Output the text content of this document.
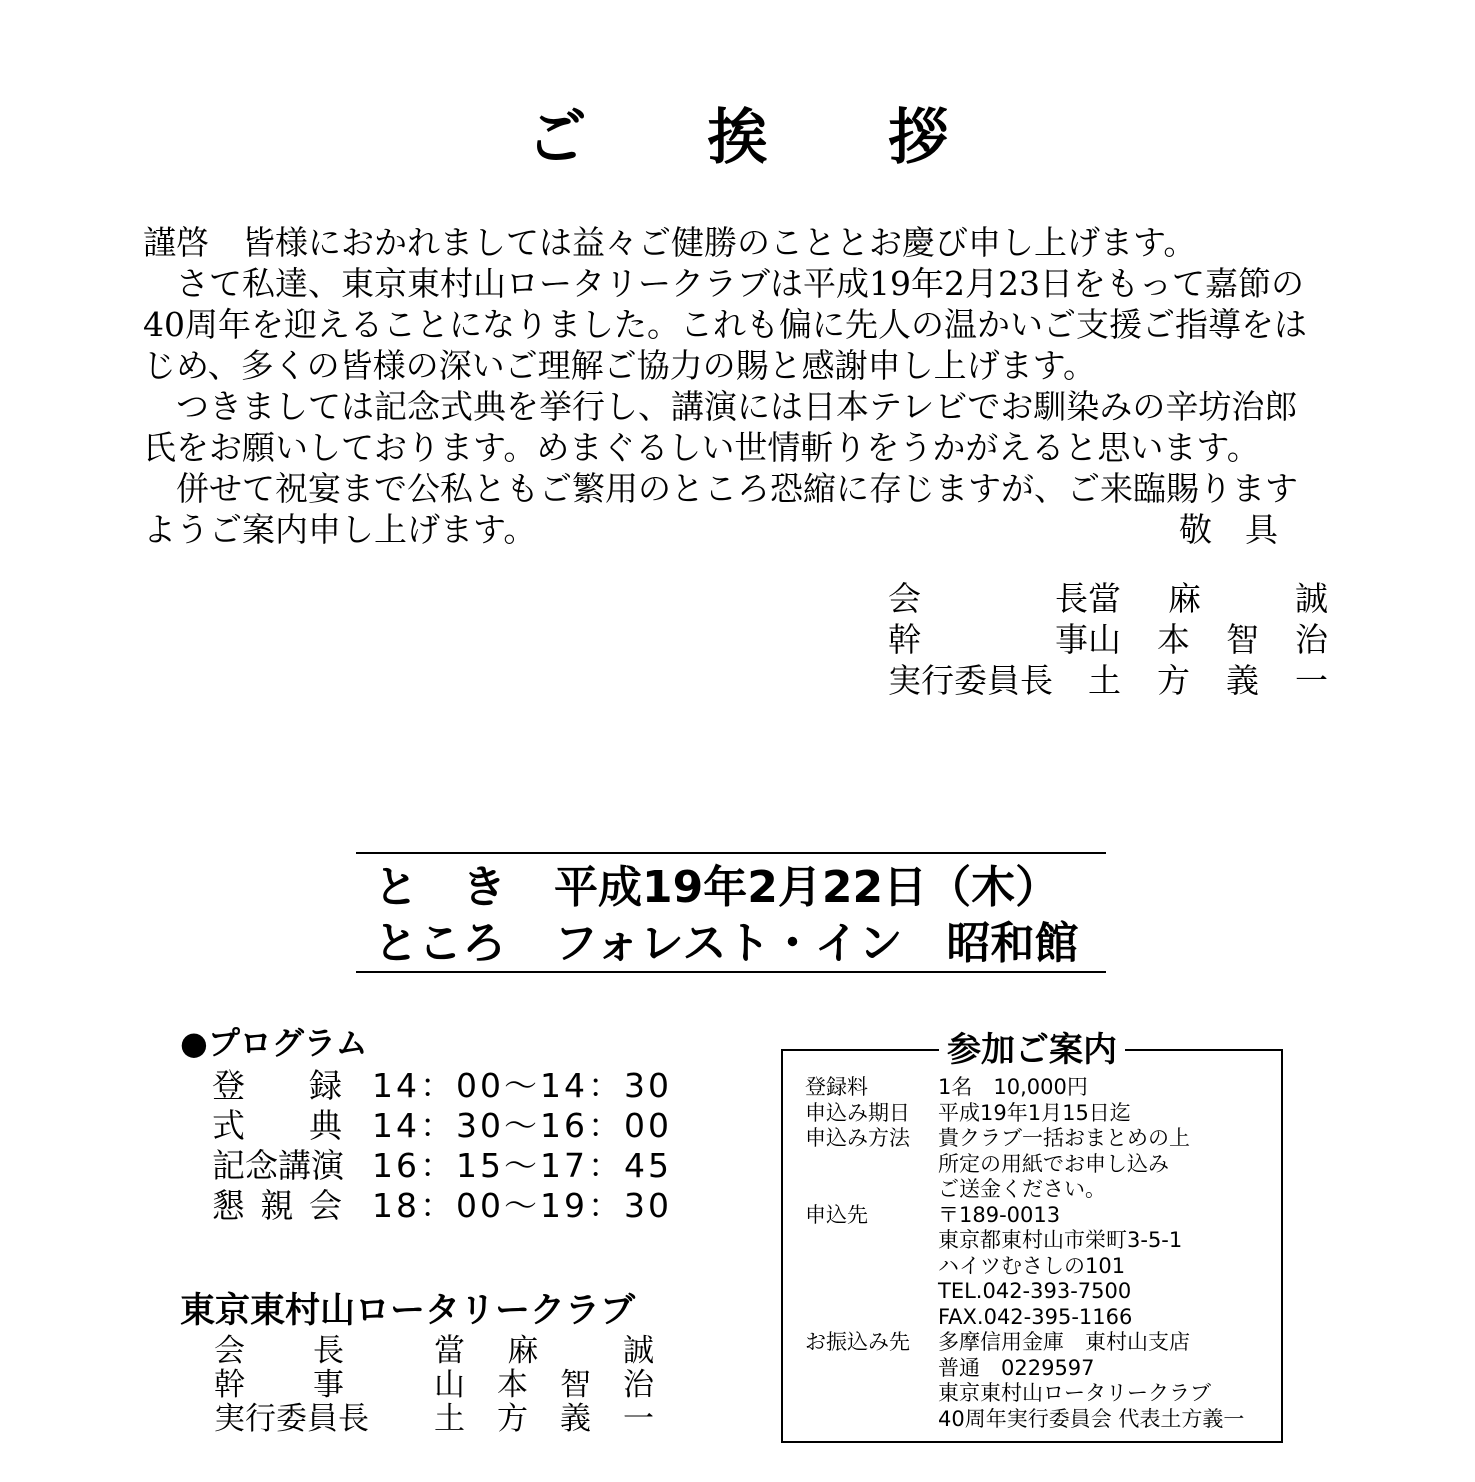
ご 挨 拶

謹啓　皆様におかれましては益々ご健勝のこととお慶び申し上げます。

さて私達、東京東村山ロータリークラブは平成19年2月23日をもって嘉節の

40周年を迎えることになりました。これも偏に先人の温かいご支援ご指導をは

じめ、多くの皆様の深いご理解ご協力の賜と感謝申し上げます。

つきましては記念式典を挙行し、講演には日本テレビでお馴染みの辛坊治郎

氏をお願いしております。めまぐるしい世情斬りをうかがえると思います。

併せて祝宴まで公私ともご繁用のところ恐縮に存じますが、ご来臨賜ります

ようご案内申し上げます。	敬　具

会	長 當 麻	誠
幹	事 山 本 智 治
実行委員長 土 方 義 一
と　き	平成19年2月22日（木）
ところ	フォレスト・イン　昭和館
●プログラム
登 録 14：00〜14：30
式 典 14：30〜16：00
記念講演 16：15〜17：45
懇 親 会 18：00〜19：30
東京東村山ロータリークラブ
会 長	當 麻	誠
幹 事	山 本 智 治
実行委員長 土 方 義 一
参加ご案内
登録料	1名　10,000円
申込み期日	平成19年1月15日迄
申込み方法	貴クラブ一括おまとめの上
所定の用紙でお申し込み
ご送金ください。
申込先	〒189-0013
東京都東村山市栄町3-5-1
ハイツむさしの101
TEL.042-393-7500
FAX.042-395-1166
お振込み先	多摩信用金庫　東村山支店
普通　0229597
東京東村山ロータリークラブ
40周年実行委員会 代表土方義一
